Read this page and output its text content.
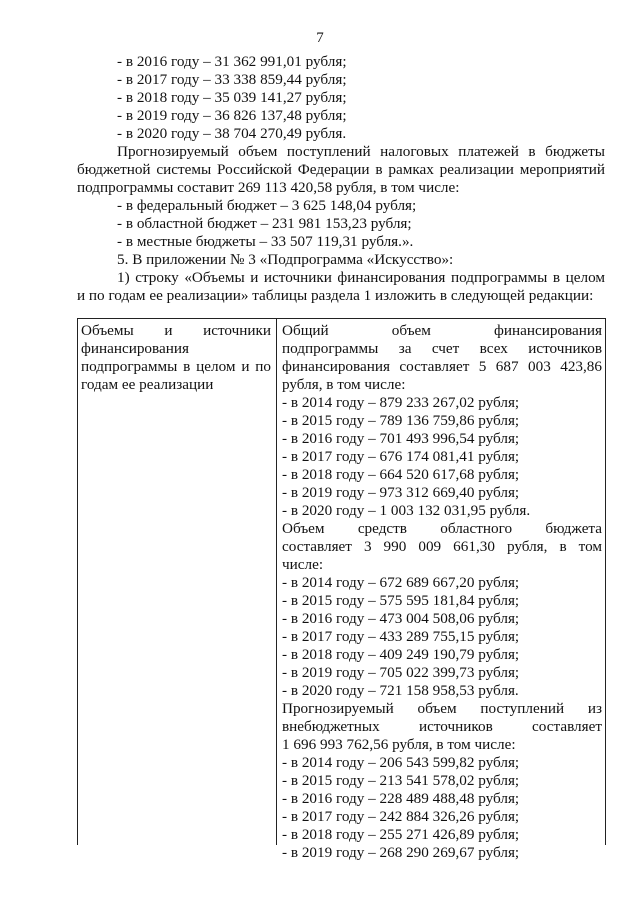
7
- в 2016 году – 31 362 991,01 рубля;
- в 2017 году – 33 338 859,44 рубля;
- в 2018 году – 35 039 141,27 рубля;
- в 2019 году – 36 826 137,48 рубля;
- в 2020 году – 38 704 270,49 рубля.
Прогнозируемый объем поступлений налоговых платежей в бюджеты
бюджетной системы Российской Федерации в рамках реализации мероприятий
подпрограммы составит 269 113 420,58 рубля, в том числе:
- в федеральный бюджет – 3 625 148,04 рубля;
- в областной бюджет – 231 981 153,23 рубля;
- в местные бюджеты – 33 507 119,31 рубля.».
5. В приложении № 3 «Подпрограмма «Искусство»:
1) строку «Объемы и источники финансирования подпрограммы в целом
и по годам ее реализации» таблицы раздела 1 изложить в следующей редакции:
Объемы и источники
финансирования
подпрограммы в целом и по
годам ее реализации
Общий объем финансирования
подпрограммы за счет всех источников
финансирования составляет 5 687 003 423,86
рубля, в том числе:
- в 2014 году – 879 233 267,02 рубля;
- в 2015 году – 789 136 759,86 рубля;
- в 2016 году – 701 493 996,54 рубля;
- в 2017 году – 676 174 081,41 рубля;
- в 2018 году – 664 520 617,68 рубля;
- в 2019 году – 973 312 669,40 рубля;
- в 2020 году – 1 003 132 031,95 рубля.
Объем средств областного бюджета
составляет 3 990 009 661,30 рубля, в том
числе:
- в 2014 году – 672 689 667,20 рубля;
- в 2015 году – 575 595 181,84 рубля;
- в 2016 году – 473 004 508,06 рубля;
- в 2017 году – 433 289 755,15 рубля;
- в 2018 году – 409 249 190,79 рубля;
- в 2019 году – 705 022 399,73 рубля;
- в 2020 году – 721 158 958,53 рубля.
Прогнозируемый объем поступлений из
внебюджетных источников составляет
1 696 993 762,56 рубля, в том числе:
- в 2014 году – 206 543 599,82 рубля;
- в 2015 году – 213 541 578,02 рубля;
- в 2016 году – 228 489 488,48 рубля;
- в 2017 году – 242 884 326,26 рубля;
- в 2018 году – 255 271 426,89 рубля;
- в 2019 году – 268 290 269,67 рубля;
